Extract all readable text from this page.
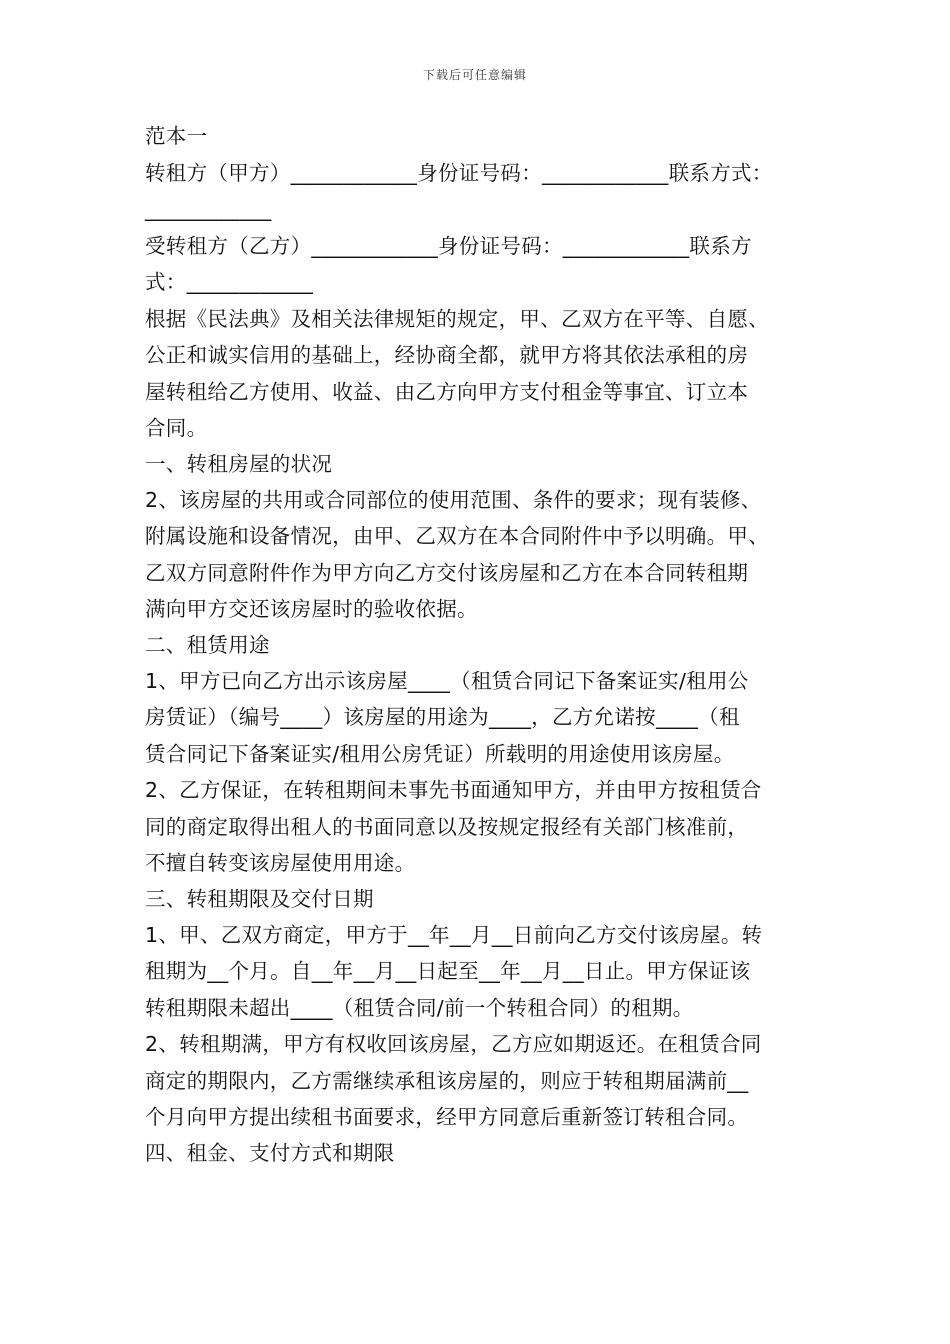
下载后可任意编辑
范本一
转租方（甲方）____________身份证号码：____________联系方式：
____________
受转租方（乙方）____________身份证号码：____________联系方
式：____________
根据《民法典》及相关法律规矩的规定，甲、乙双方在平等、自愿、
公正和诚实信用的基础上，经协商全都，就甲方将其依法承租的房
屋转租给乙方使用、收益、由乙方向甲方支付租金等事宜、订立本
合同。
一、转租房屋的状况
2、该房屋的共用或合同部位的使用范围、条件的要求；现有装修、
附属设施和设备情况，由甲、乙双方在本合同附件中予以明确。甲、
乙双方同意附件作为甲方向乙方交付该房屋和乙方在本合同转租期
满向甲方交还该房屋时的验收依据。
二、租赁用途
1、甲方已向乙方出示该房屋____（租赁合同记下备案证实/租用公
房赁证）（编号____）该房屋的用途为____，乙方允诺按____（租
赁合同记下备案证实/租用公房凭证）所载明的用途使用该房屋。
2、乙方保证，在转租期间未事先书面通知甲方，并由甲方按租赁合
同的商定取得出租人的书面同意以及按规定报经有关部门核准前，
不擅自转变该房屋使用用途。
三、转租期限及交付日期
1、甲、乙双方商定，甲方于__年__月__日前向乙方交付该房屋。转
租期为__个月。自__年__月__日起至__年__月__日止。甲方保证该
转租期限未超出____（租赁合同/前一个转租合同）的租期。
2、转租期满，甲方有权收回该房屋，乙方应如期返还。在租赁合同
商定的期限内，乙方需继续承租该房屋的，则应于转租期届满前__
个月向甲方提出续租书面要求，经甲方同意后重新签订转租合同。
四、租金、支付方式和期限
